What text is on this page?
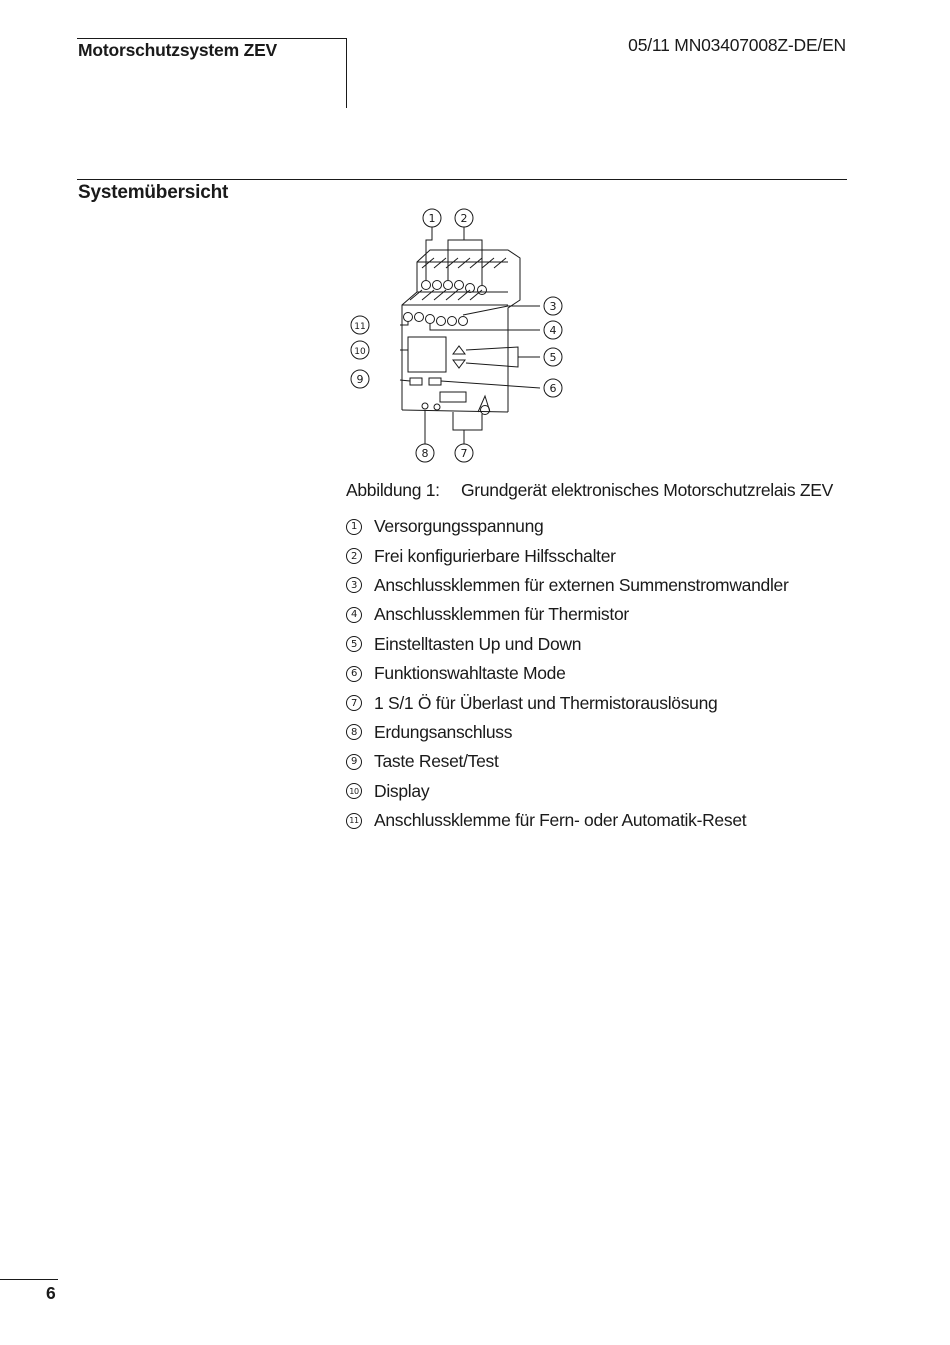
Motorschutzsystem ZEV	05/11 MN03407008Z-DE/EN
Systemübersicht
1 2
3
4
5
6
7
8
9
10
11
Abbildung 1: Grundgerät elektronisches Motorschutzrelais ZEV
1 Versorgungsspannung
2 Frei konfigurierbare Hilfsschalter
3 Anschlussklemmen für externen Summenstromwandler
4 Anschlussklemmen für Thermistor
5 Einstelltasten Up und Down
6 Funktionswahltaste Mode
7 1 S/1 Ö für Überlast und Thermistorauslösung
8 Erdungsanschluss
9 Taste Reset/Test
10 Display
11 Anschlussklemme für Fern- oder Automatik-Reset
6
